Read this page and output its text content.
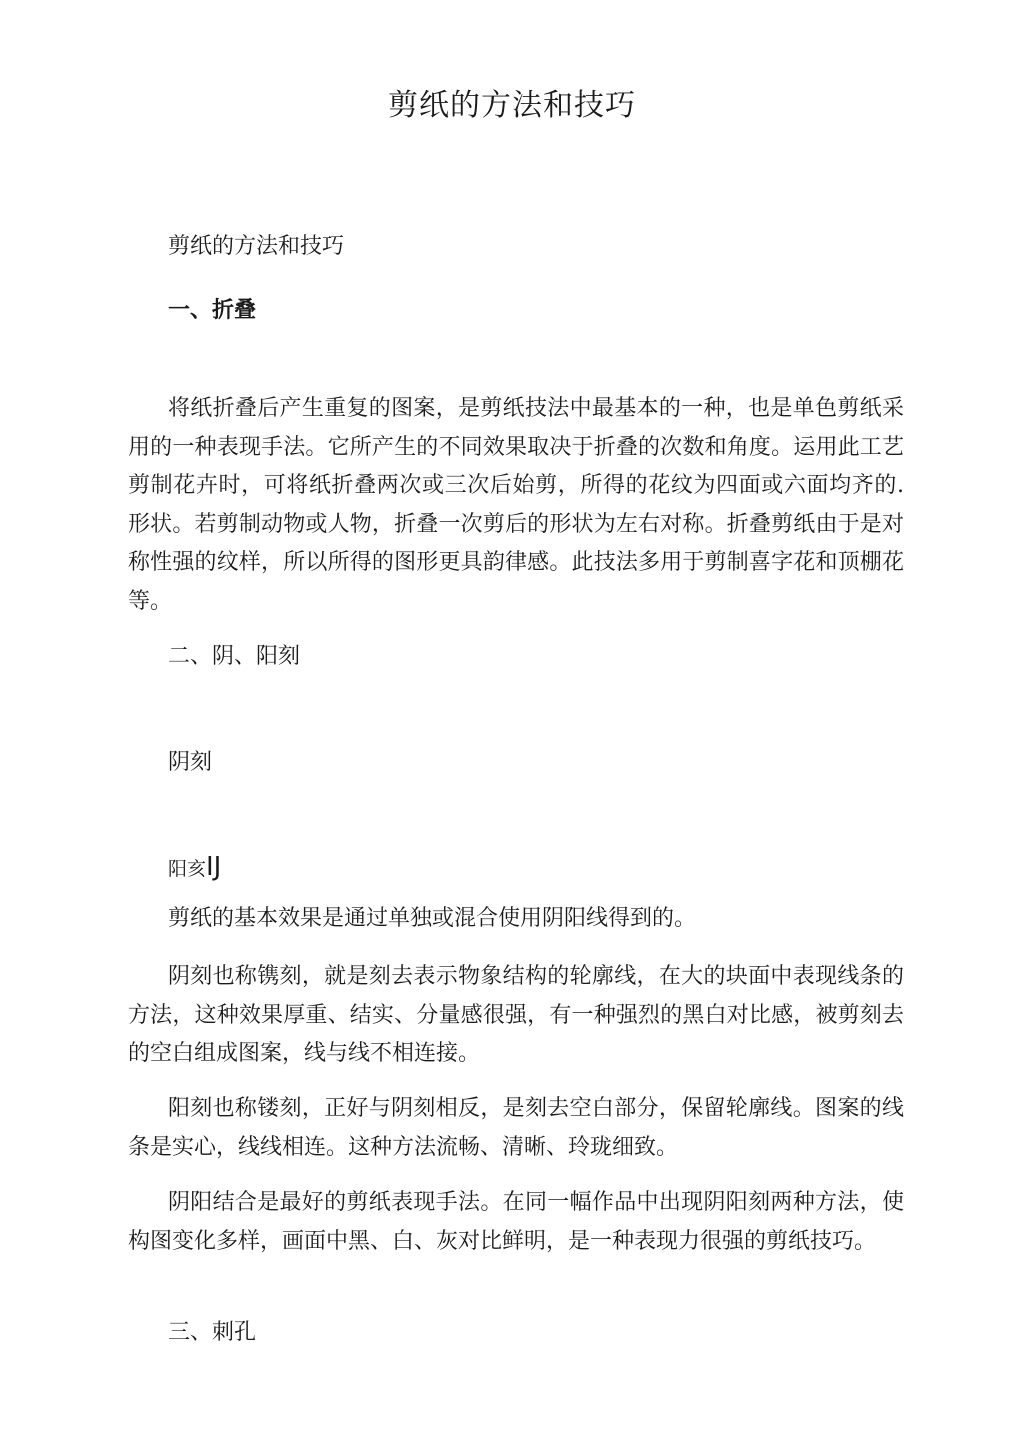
剪纸的方法和技巧
剪纸的方法和技巧
一、折叠
将纸折叠后产生重复的图案，是剪纸技法中最基本的一种，也是单色剪纸采用的一种表现手法。它所产生的不同效果取决于折叠的次数和角度。运用此工艺剪制花卉时，可将纸折叠两次或三次后始剪，所得的花纹为四面或六面均齐的.形状。若剪制动物或人物，折叠一次剪后的形状为左右对称。折叠剪纸由于是对称性强的纹样，所以所得的图形更具韵律感。此技法多用于剪制喜字花和顶棚花等。
二、阴、阳刻
阴刻
阳亥IJ
剪纸的基本效果是通过单独或混合使用阴阳线得到的。
阴刻也称镌刻，就是刻去表示物象结构的轮廓线，在大的块面中表现线条的方法，这种效果厚重、结实、分量感很强，有一种强烈的黑白对比感，被剪刻去的空白组成图案，线与线不相连接。
阳刻也称镂刻，正好与阴刻相反，是刻去空白部分，保留轮廓线。图案的线条是实心，线线相连。这种方法流畅、清晰、玲珑细致。
阴阳结合是最好的剪纸表现手法。在同一幅作品中出现阴阳刻两种方法，使构图变化多样，画面中黑、白、灰对比鲜明，是一种表现力很强的剪纸技巧。
三、刺孔
